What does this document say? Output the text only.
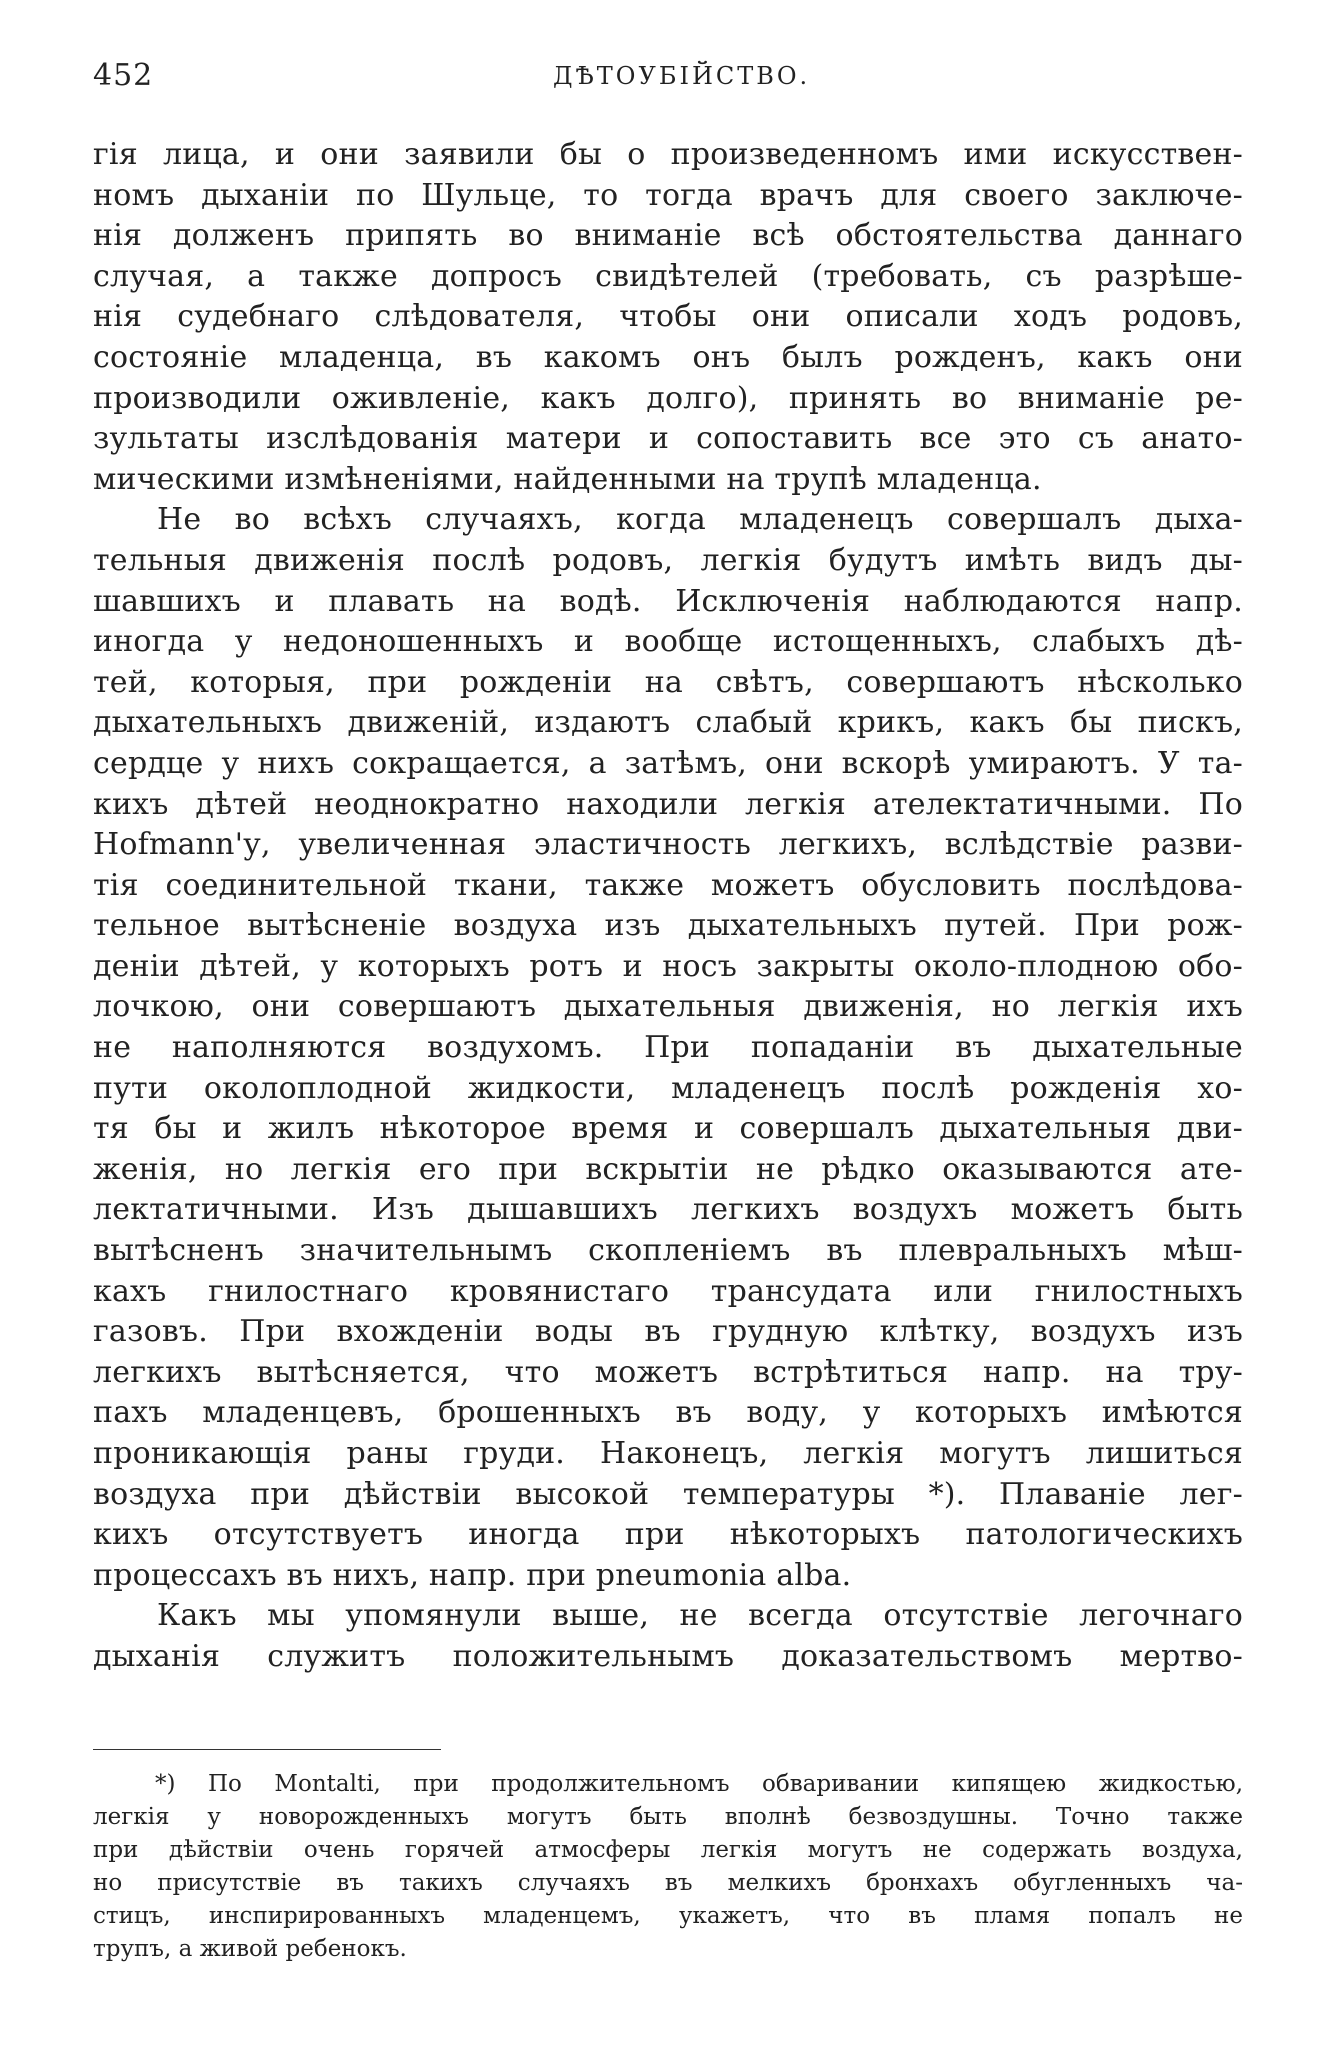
452	ДѢТОУБІЙСТВО.
гія лица, и они заявили бы о произведенномъ ими искусствен-
номъ дыханіи по Шульце, то тогда врачъ для своего заключе-
нія долженъ припять во вниманіе всѣ обстоятельства даннаго
случая, а также допросъ свидѣтелей (требовать, съ разрѣше-
нія судебнаго слѣдователя, чтобы они описали ходъ родовъ,
состояніе младенца, въ какомъ онъ былъ рожденъ, какъ они
производили оживленіе, какъ долго), принять во вниманіе ре-
зультаты изслѣдованія матери и сопоставить все это съ анато-
мическими измѣненіями, найденными на трупѣ младенца.
Не во всѣхъ случаяхъ, когда младенецъ совершалъ дыха-
тельныя движенія послѣ родовъ, легкія будутъ имѣть видъ ды-
шавшихъ и плавать на водѣ. Исключенія наблюдаются напр.
иногда у недоношенныхъ и вообще истощенныхъ, слабыхъ дѣ-
тей, которыя, при рожденіи на свѣтъ, совершаютъ нѣсколько
дыхательныхъ движеній, издаютъ слабый крикъ, какъ бы пискъ,
сердце у нихъ сокращается, а затѣмъ, они вскорѣ умираютъ. У та-
кихъ дѣтей неоднократно находили легкія ателектатичными. По
Hofmann'у, увеличенная эластичность легкихъ, вслѣдствіе разви-
тія соединительной ткани, также можетъ обусловить послѣдова-
тельное вытѣсненіе воздуха изъ дыхательныхъ путей. При рож-
деніи дѣтей, у которыхъ ротъ и носъ закрыты около-плодною обо-
лочкою, они совершаютъ дыхательныя движенія, но легкія ихъ
не наполняются воздухомъ. При попаданіи въ дыхательные
пути околоплодной жидкости, младенецъ послѣ рожденія хо-
тя бы и жилъ нѣкоторое время и совершалъ дыхательныя дви-
женія, но легкія его при вскрытіи не рѣдко оказываются ате-
лектатичными. Изъ дышавшихъ легкихъ воздухъ можетъ быть
вытѣсненъ значительнымъ скопленіемъ въ плевральныхъ мѣш-
кахъ гнилостнаго кровянистаго трансудата или гнилостныхъ
газовъ. При вхожденіи воды въ грудную клѣтку, воздухъ изъ
легкихъ вытѣсняется, что можетъ встрѣтиться напр. на тру-
пахъ младенцевъ, брошенныхъ въ воду, у которыхъ имѣются
проникающія раны груди. Наконецъ, легкія могутъ лишиться
воздуха при дѣйствіи высокой температуры *). Плаваніе лег-
кихъ отсутствуетъ иногда при нѣкоторыхъ патологическихъ
процессахъ въ нихъ, напр. при pneumonia alba.
Какъ мы упомянули выше, не всегда отсутствіе легочнаго
дыханія служитъ положительнымъ доказательствомъ мертво-
*) По Montalti, при продолжительномъ обваривании кипящею жидкостью,
легкія у новорожденныхъ могутъ быть вполнѣ безвоздушны. Точно также
при дѣйствіи очень горячей атмосферы легкія могутъ не содержать воздуха,
но присутствіе въ такихъ случаяхъ въ мелкихъ бронхахъ обугленныхъ ча-
стицъ, инспирированныхъ младенцемъ, укажетъ, что въ пламя попалъ не
трупъ, а живой ребенокъ.
